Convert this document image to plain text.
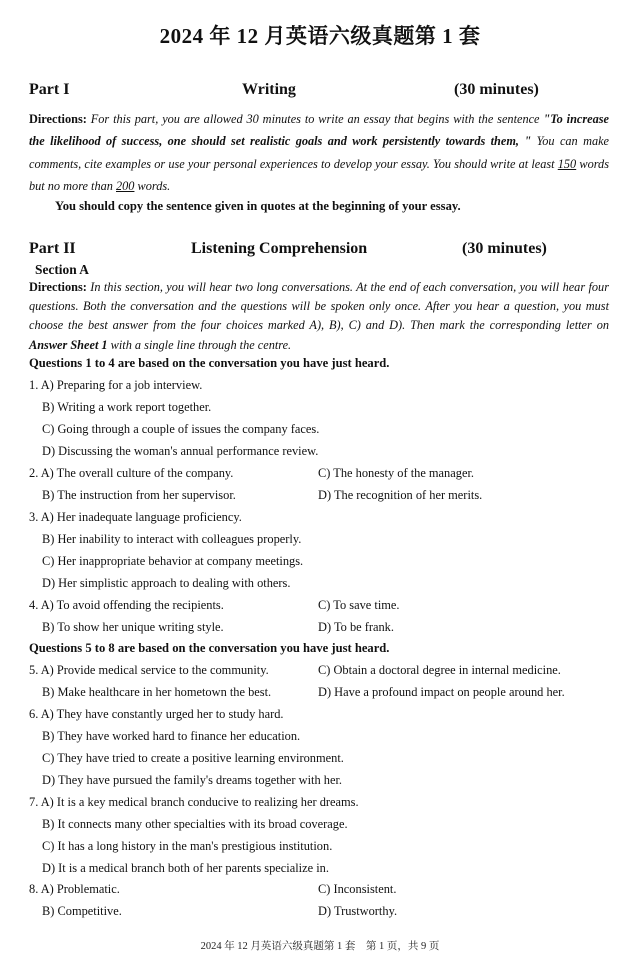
2024 年 12 月英语六级真题第 1 套
Part I	Writing	(30 minutes)
Directions: For this part, you are allowed 30 minutes to write an essay that begins with the sentence "To increase the likelihood of success, one should set realistic goals and work persistently towards them, " You can make comments, cite examples or use your personal experiences to develop your essay. You should write at least 150 words but no more than 200 words.
You should copy the sentence given in quotes at the beginning of your essay.
Part II	Listening Comprehension	(30 minutes)
Section A
Directions: In this section, you will hear two long conversations. At the end of each conversation, you will hear four questions. Both the conversation and the questions will be spoken only once. After you hear a question, you must choose the best answer from the four choices marked A), B), C) and D). Then mark the corresponding letter on Answer Sheet 1 with a single line through the centre.
Questions 1 to 4 are based on the conversation you have just heard.
1. A) Preparing for a job interview.
B) Writing a work report together.
C) Going through a couple of issues the company faces.
D) Discussing the woman's annual performance review.
2. A) The overall culture of the company.	C) The honesty of the manager.
B) The instruction from her supervisor.	D) The recognition of her merits.
3. A) Her inadequate language proficiency.
B) Her inability to interact with colleagues properly.
C) Her inappropriate behavior at company meetings.
D) Her simplistic approach to dealing with others.
4. A) To avoid offending the recipients.	C) To save time.
B) To show her unique writing style.	D) To be frank.
Questions 5 to 8 are based on the conversation you have just heard.
5. A) Provide medical service to the community.	C) Obtain a doctoral degree in internal medicine.
B) Make healthcare in her hometown the best.	D) Have a profound impact on people around her.
6. A) They have constantly urged her to study hard.
B) They have worked hard to finance her education.
C) They have tried to create a positive learning environment.
D) They have pursued the family's dreams together with her.
7. A) It is a key medical branch conducive to realizing her dreams.
B) It connects many other specialties with its broad coverage.
C) It has a long history in the man's prestigious institution.
D) It is a medical branch both of her parents specialize in.
8. A) Problematic.	C) Inconsistent.
B) Competitive.	D) Trustworthy.
2024 年 12 月英语六级真题第 1 套　第 1 页，共 9 页
